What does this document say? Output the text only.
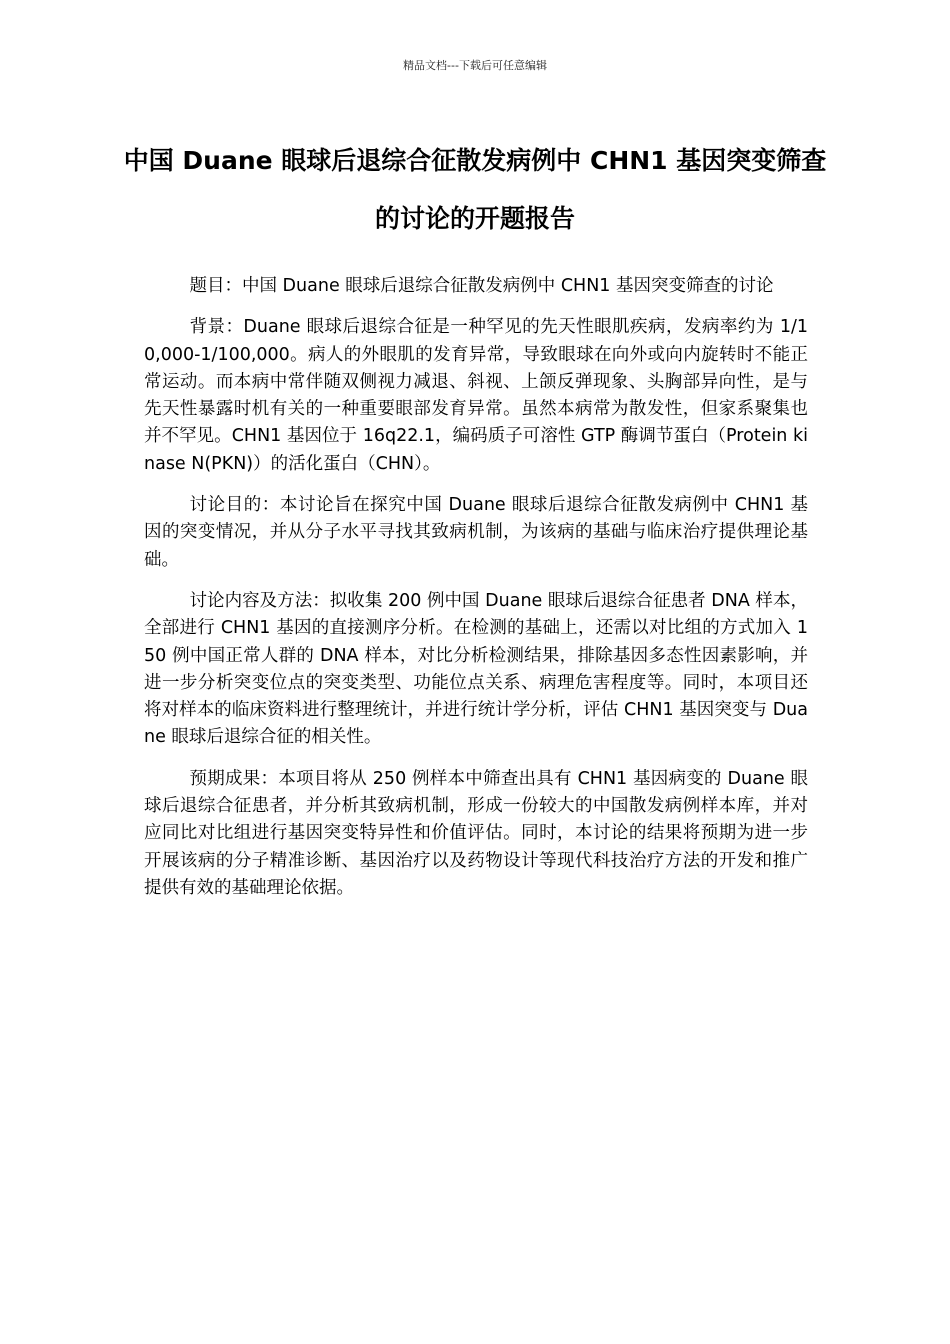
精品文档---下载后可任意编辑
中国 Duane 眼球后退综合征散发病例中 CHN1 基因突变筛查的讨论的开题报告

题目：中国 Duane 眼球后退综合征散发病例中 CHN1 基因突变筛查的讨论

背景：Duane 眼球后退综合征是一种罕见的先天性眼肌疾病，发病率约为 1/10,000-1/100,000。病人的外眼肌的发育异常，导致眼球在向外或向内旋转时不能正常运动。而本病中常伴随双侧视力减退、斜视、上颌反弹现象、头胸部异向性，是与先天性暴露时机有关的一种重要眼部发育异常。虽然本病常为散发性，但家系聚集也并不罕见。CHN1 基因位于 16q22.1，编码质子可溶性 GTP 酶调节蛋白（Protein kinase N(PKN)）的活化蛋白（CHN）。

讨论目的：本讨论旨在探究中国 Duane 眼球后退综合征散发病例中 CHN1 基因的突变情况，并从分子水平寻找其致病机制，为该病的基础与临床治疗提供理论基础。

讨论内容及方法：拟收集 200 例中国 Duane 眼球后退综合征患者 DNA 样本，全部进行 CHN1 基因的直接测序分析。在检测的基础上，还需以对比组的方式加入 150 例中国正常人群的 DNA 样本，对比分析检测结果，排除基因多态性因素影响，并进一步分析突变位点的突变类型、功能位点关系、病理危害程度等。同时，本项目还将对样本的临床资料进行整理统计，并进行统计学分析，评估 CHN1 基因突变与 Duane 眼球后退综合征的相关性。

预期成果：本项目将从 250 例样本中筛查出具有 CHN1 基因病变的 Duane 眼球后退综合征患者，并分析其致病机制，形成一份较大的中国散发病例样本库，并对应同比对比组进行基因突变特异性和价值评估。同时，本讨论的结果将预期为进一步开展该病的分子精准诊断、基因治疗以及药物设计等现代科技治疗方法的开发和推广提供有效的基础理论依据。
